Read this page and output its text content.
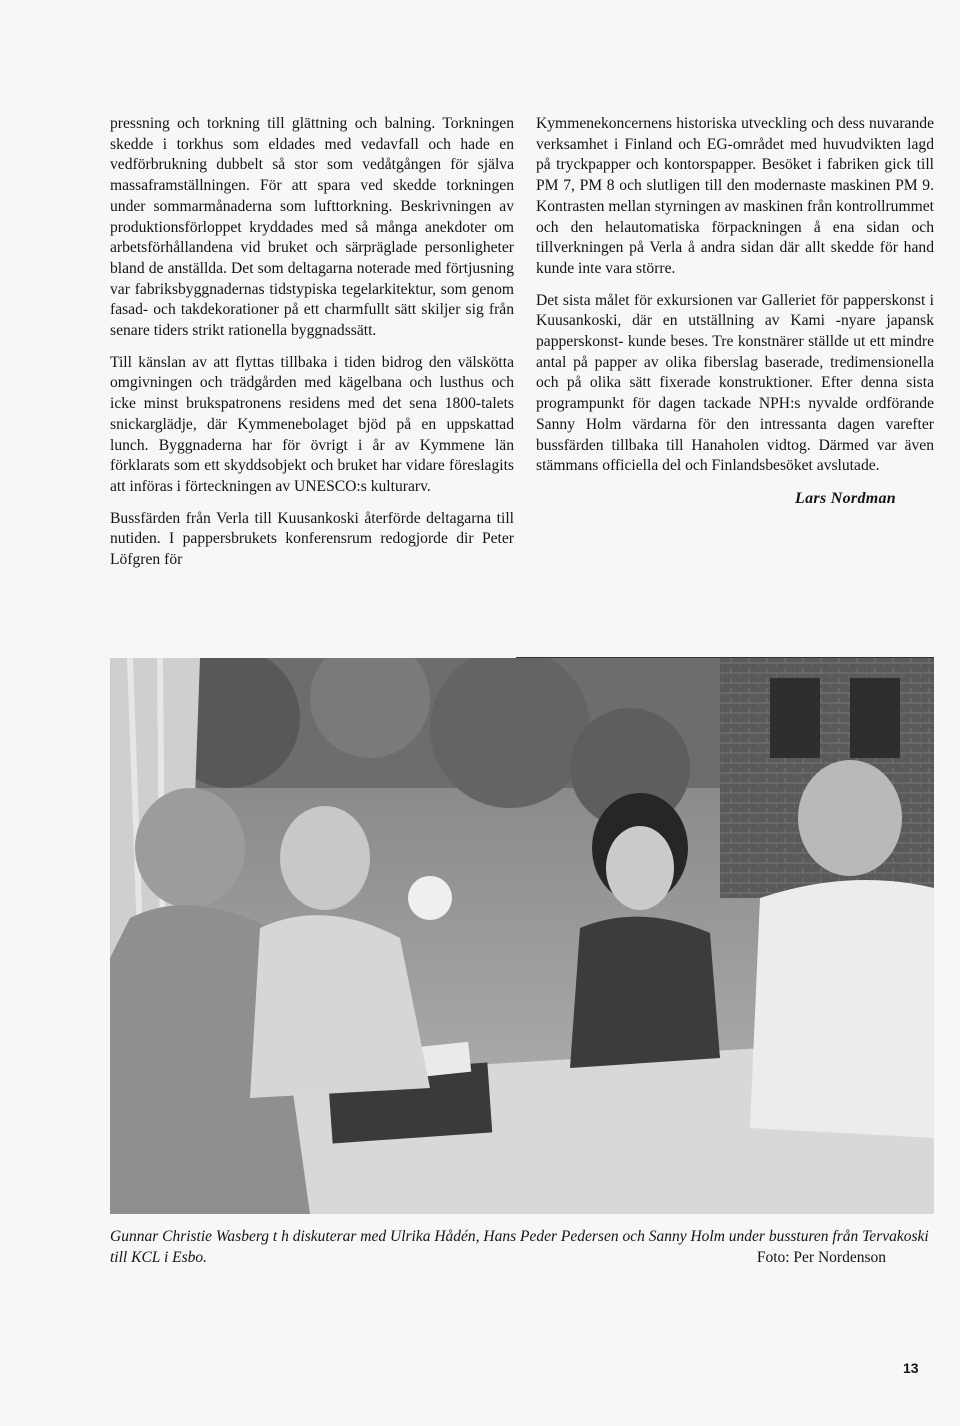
pressning och torkning till glättning och balning. Torkningen skedde i torkhus som eldades med vedavfall och hade en vedförbrukning dubbelt så stor som vedåtgången för själva massaframställningen. För att spara ved skedde torkningen under sommarmånaderna som lufttorkning. Beskrivningen av produktionsförloppet kryddades med så många anekdoter om arbetsförhållandena vid bruket och särpräglade personligheter bland de anställda. Det som deltagarna noterade med förtjusning var fabriksbyggnadernas tidstypiska tegelarkitektur, som genom fasad- och takdekorationer på ett charmfullt sätt skiljer sig från senare tiders strikt rationella byggnadssätt.

Till känslan av att flyttas tillbaka i tiden bidrog den välskötta omgivningen och trädgården med kägelbana och lusthus och icke minst brukspatronens residens med det sena 1800-talets snickarglädje, där Kymmenebolaget bjöd på en uppskattad lunch. Byggnaderna har för övrigt i år av Kymmene län förklarats som ett skyddsobjekt och bruket har vidare föreslagits att införas i förteckningen av UNESCO:s kulturarv.

Bussfärden från Verla till Kuusankoski återförde deltagarna till nutiden. I pappersbrukets konferensrum redogjorde dir Peter Löfgren för

Kymmenekoncernens historiska utveckling och dess nuvarande verksamhet i Finland och EG-området med huvudvikten lagd på tryckpapper och kontorspapper. Besöket i fabriken gick till PM 7, PM 8 och slutligen till den modernaste maskinen PM 9. Kontrasten mellan styrningen av maskinen från kontrollrummet och den helautomatiska förpackningen å ena sidan och tillverkningen på Verla å andra sidan där allt skedde för hand kunde inte vara större.

Det sista målet för exkursionen var Galleriet för papperskonst i Kuusankoski, där en utställning av Kami -nyare japansk papperskonst- kunde beses. Tre konstnärer ställde ut ett mindre antal på papper av olika fiberslag baserade, tredimensionella och på olika sätt fixerade konstruktioner. Efter denna sista programpunkt för dagen tackade NPH:s nyvalde ordförande Sanny Holm värdarna för den intressanta dagen varefter bussfärden tillbaka till Hanaholen vidtog. Därmed var även stämmans officiella del och Finlandsbesöket avslutade.

Lars Nordman
Gunnar Christie Wasberg t h diskuterar med Ulrika Hådén, Hans Peder Pedersen och Sanny Holm under bussturen från Tervakoski till KCL i Esbo.	Foto: Per Nordenson
13
